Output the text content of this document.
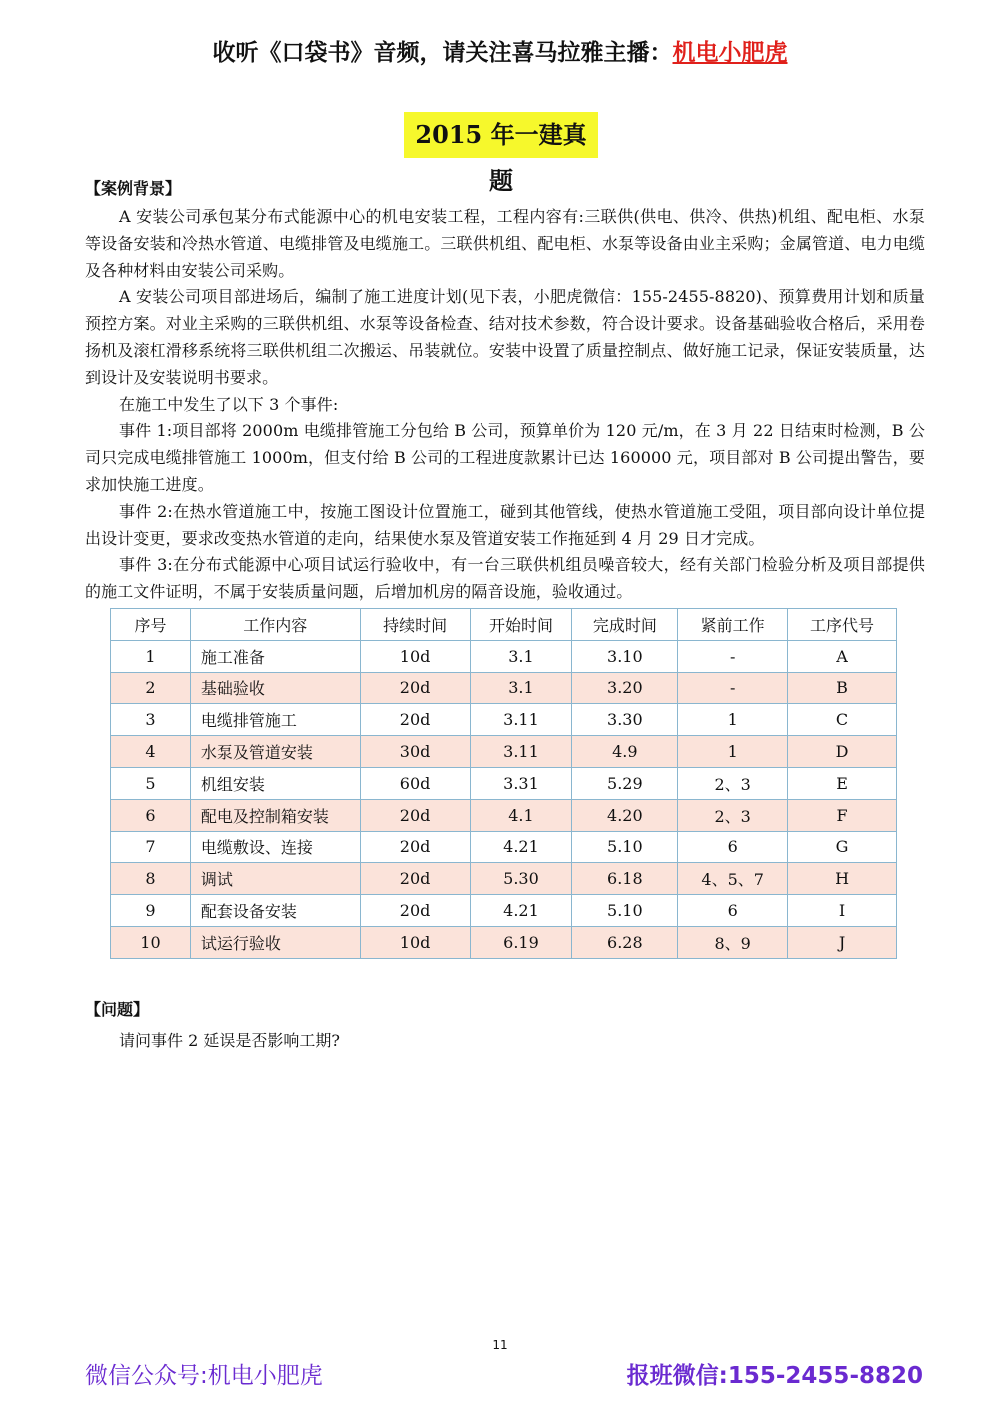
收听《口袋书》音频，请关注喜马拉雅主播：机电小肥虎
2015 年一建真题
【案例背景】

A 安装公司承包某分布式能源中心的机电安装工程，工程内容有:三联供(供电、供冷、供热)机组、配电柜、水泵等设备安装和冷热水管道、电缆排管及电缆施工。三联供机组、配电柜、水泵等设备由业主采购；金属管道、电力电缆及各种材料由安装公司采购。

A 安装公司项目部进场后，编制了施工进度计划(见下表，小肥虎微信：155-2455-8820)、预算费用计划和质量预控方案。对业主采购的三联供机组、水泵等设备检查、结对技术参数，符合设计要求。设备基础验收合格后，采用卷扬机及滚杠滑移系统将三联供机组二次搬运、吊装就位。安装中设置了质量控制点、做好施工记录，保证安装质量，达到设计及安装说明书要求。

在施工中发生了以下 3 个事件:

事件 1:项目部将 2000m 电缆排管施工分包给 B 公司，预算单价为 120 元/m，在 3 月 22 日结束时检测，B 公司只完成电缆排管施工 1000m，但支付给 B 公司的工程进度款累计已达 160000 元，项目部对 B 公司提出警告，要求加快施工进度。

事件 2:在热水管道施工中，按施工图设计位置施工，碰到其他管线，使热水管道施工受阻，项目部向设计单位提出设计变更，要求改变热水管道的走向，结果使水泵及管道安装工作拖延到 4 月 29 日才完成。

事件 3:在分布式能源中心项目试运行验收中，有一台三联供机组员噪音较大，经有关部门检验分析及项目部提供的施工文件证明，不属于安装质量问题，后增加机房的隔音设施，验收通过。

序号	工作内容	持续时间	开始时间	完成时间	紧前工作	工序代号
1	施工准备	10d	3.1	3.10	-	A
2	基础验收	20d	3.1	3.20	-	B
3	电缆排管施工	20d	3.11	3.30	1	C
4	水泵及管道安装	30d	3.11	4.9	1	D
5	机组安装	60d	3.31	5.29	2、3	E
6	配电及控制箱安装	20d	4.1	4.20	2、3	F
7	电缆敷设、连接	20d	4.21	5.10	6	G
8	调试	20d	5.30	6.18	4、5、7	H
9	配套设备安装	20d	4.21	5.10	6	I
10	试运行验收	10d	6.19	6.28	8、9	J
【问题】
请问事件 2 延误是否影响工期?
11
微信公众号:机电小肥虎	报班微信:155-2455-8820
